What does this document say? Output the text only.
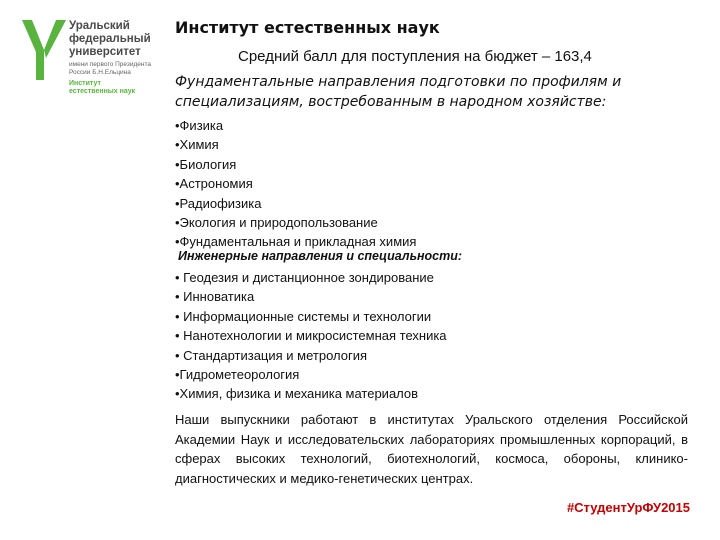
Уральский
федеральный
университет
имени первого Президента
России Б.Н.Ельцина
Институт
естественных наук
Институт естественных наук
Средний балл для поступления на бюджет – 163,4
Фундаментальные направления подготовки по профилям и специализациям, востребованным в народном хозяйстве:
•Физика
•Химия
•Биология
•Астрономия
•Радиофизика
•Экология и природопользование
•Фундаментальная и прикладная химия
Инженерные направления и специальности:
• Геодезия и дистанционное зондирование
• Инноватика
• Информационные системы и технологии
• Нанотехнологии и микросистемная техника
• Стандартизация и метрология
•Гидрометеорология
•Химия, физика и механика материалов
Наши выпускники работают в институтах Уральского отделения Российской Академии Наук и исследовательских лабораториях промышленных корпораций, в сферах высоких технологий, биотехнологий, космоса, обороны, клинико-диагностических и медико-генетических центрах.
#СтудентУрФУ2015
